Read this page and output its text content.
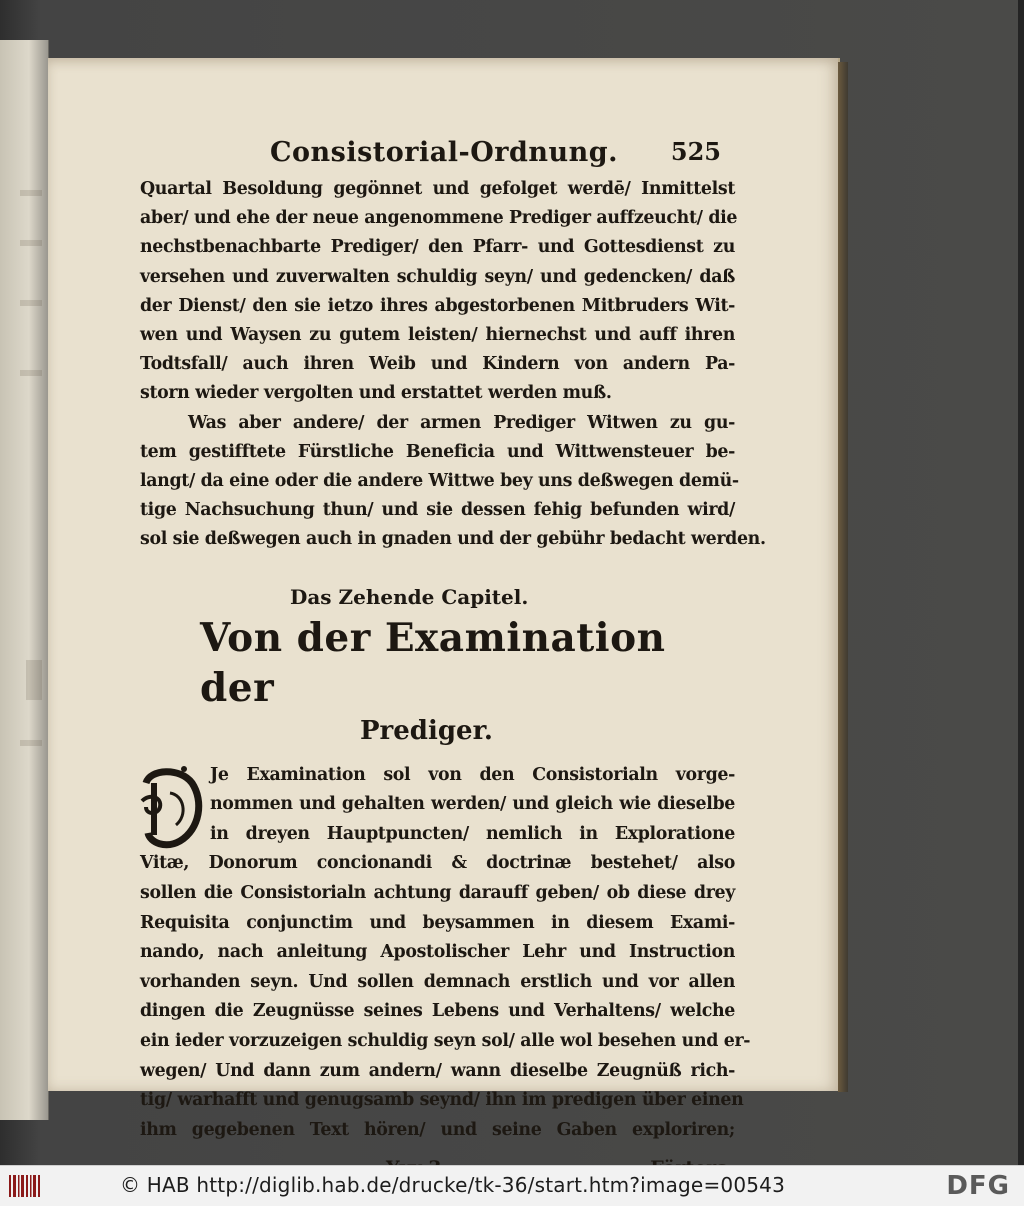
Consistorial-Ordnung. 525
Quartal Besoldung gegönnet und gefolget werdē/ Inmittelst
aber/ und ehe der neue angenommene Prediger auffzeucht/ die
nechstbenachbarte Prediger/ den Pfarr- und Gottesdienst zu
versehen und zuverwalten schuldig seyn/ und gedencken/ daß
der Dienst/ den sie ietzo ihres abgestorbenen Mitbruders Wit-
wen und Waysen zu gutem leisten/ hiernechst und auff ihren
Todtsfall/ auch ihren Weib und Kindern von andern Pa-
storn wieder vergolten und erstattet werden muß.
Was aber andere/ der armen Prediger Witwen zu gu-
tem gestifftete Fürstliche Beneficia und Wittwensteuer be-
langt/ da eine oder die andere Wittwe bey uns deßwegen demü-
tige Nachsuchung thun/ und sie dessen fehig befunden wird/
sol sie deßwegen auch in gnaden und der gebühr bedacht werden.
Das Zehende Capitel.
Von der Examination der
Prediger.
Je Examination sol von den Consistorialn vorge-
nommen und gehalten werden/ und gleich wie dieselbe
in dreyen Hauptpuncten/ nemlich in Exploratione
Vitæ, Donorum concionandi & doctrinæ bestehet/ also
sollen die Consistorialn achtung darauff geben/ ob diese drey
Requisita conjunctim und beysammen in diesem Exami-
nando, nach anleitung Apostolischer Lehr und Instruction
vorhanden seyn. Und sollen demnach erstlich und vor allen
dingen die Zeugnüsse seines Lebens und Verhaltens/ welche
ein ieder vorzuzeigen schuldig seyn sol/ alle wol besehen und er-
wegen/ Und dann zum andern/ wann dieselbe Zeugnüß rich-
tig/ warhafft und genugsamb seynd/ ihn im predigen über einen
ihm gegebenen Text hören/ und seine Gaben exploriren;
© HAB http://diglib.hab.de/drucke/tk-36/start.htm?image=00543	DFG
